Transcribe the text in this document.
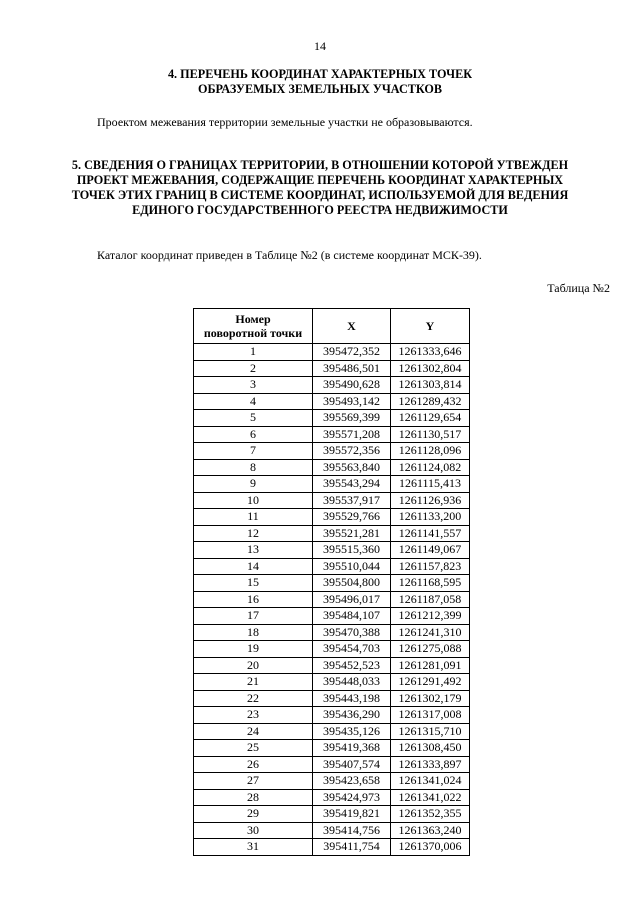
14
4. ПЕРЕЧЕНЬ КООРДИНАТ ХАРАКТЕРНЫХ ТОЧЕК
ОБРАЗУЕМЫХ ЗЕМЕЛЬНЫХ УЧАСТКОВ

Проектом межевания территории земельные участки не образовываются.

5. СВЕДЕНИЯ О ГРАНИЦАХ ТЕРРИТОРИИ, В ОТНОШЕНИИ КОТОРОЙ УТВЕЖДЕН
ПРОЕКТ МЕЖЕВАНИЯ, СОДЕРЖАЩИЕ ПЕРЕЧЕНЬ КООРДИНАТ ХАРАКТЕРНЫХ
ТОЧЕК ЭТИХ ГРАНИЦ В СИСТЕМЕ КООРДИНАТ, ИСПОЛЬЗУЕМОЙ ДЛЯ ВЕДЕНИЯ
ЕДИНОГО ГОСУДАРСТВЕННОГО РЕЕСТРА НЕДВИЖИМОСТИ

Каталог координат приведен в Таблице №2 (в системе координат МСК-39).

Таблица №2

Номер
поворотной точки	X	Y
1	395472,352	1261333,646
2	395486,501	1261302,804
3	395490,628	1261303,814
4	395493,142	1261289,432
5	395569,399	1261129,654
6	395571,208	1261130,517
7	395572,356	1261128,096
8	395563,840	1261124,082
9	395543,294	1261115,413
10	395537,917	1261126,936
11	395529,766	1261133,200
12	395521,281	1261141,557
13	395515,360	1261149,067
14	395510,044	1261157,823
15	395504,800	1261168,595
16	395496,017	1261187,058
17	395484,107	1261212,399
18	395470,388	1261241,310
19	395454,703	1261275,088
20	395452,523	1261281,091
21	395448,033	1261291,492
22	395443,198	1261302,179
23	395436,290	1261317,008
24	395435,126	1261315,710
25	395419,368	1261308,450
26	395407,574	1261333,897
27	395423,658	1261341,024
28	395424,973	1261341,022
29	395419,821	1261352,355
30	395414,756	1261363,240
31	395411,754	1261370,006
